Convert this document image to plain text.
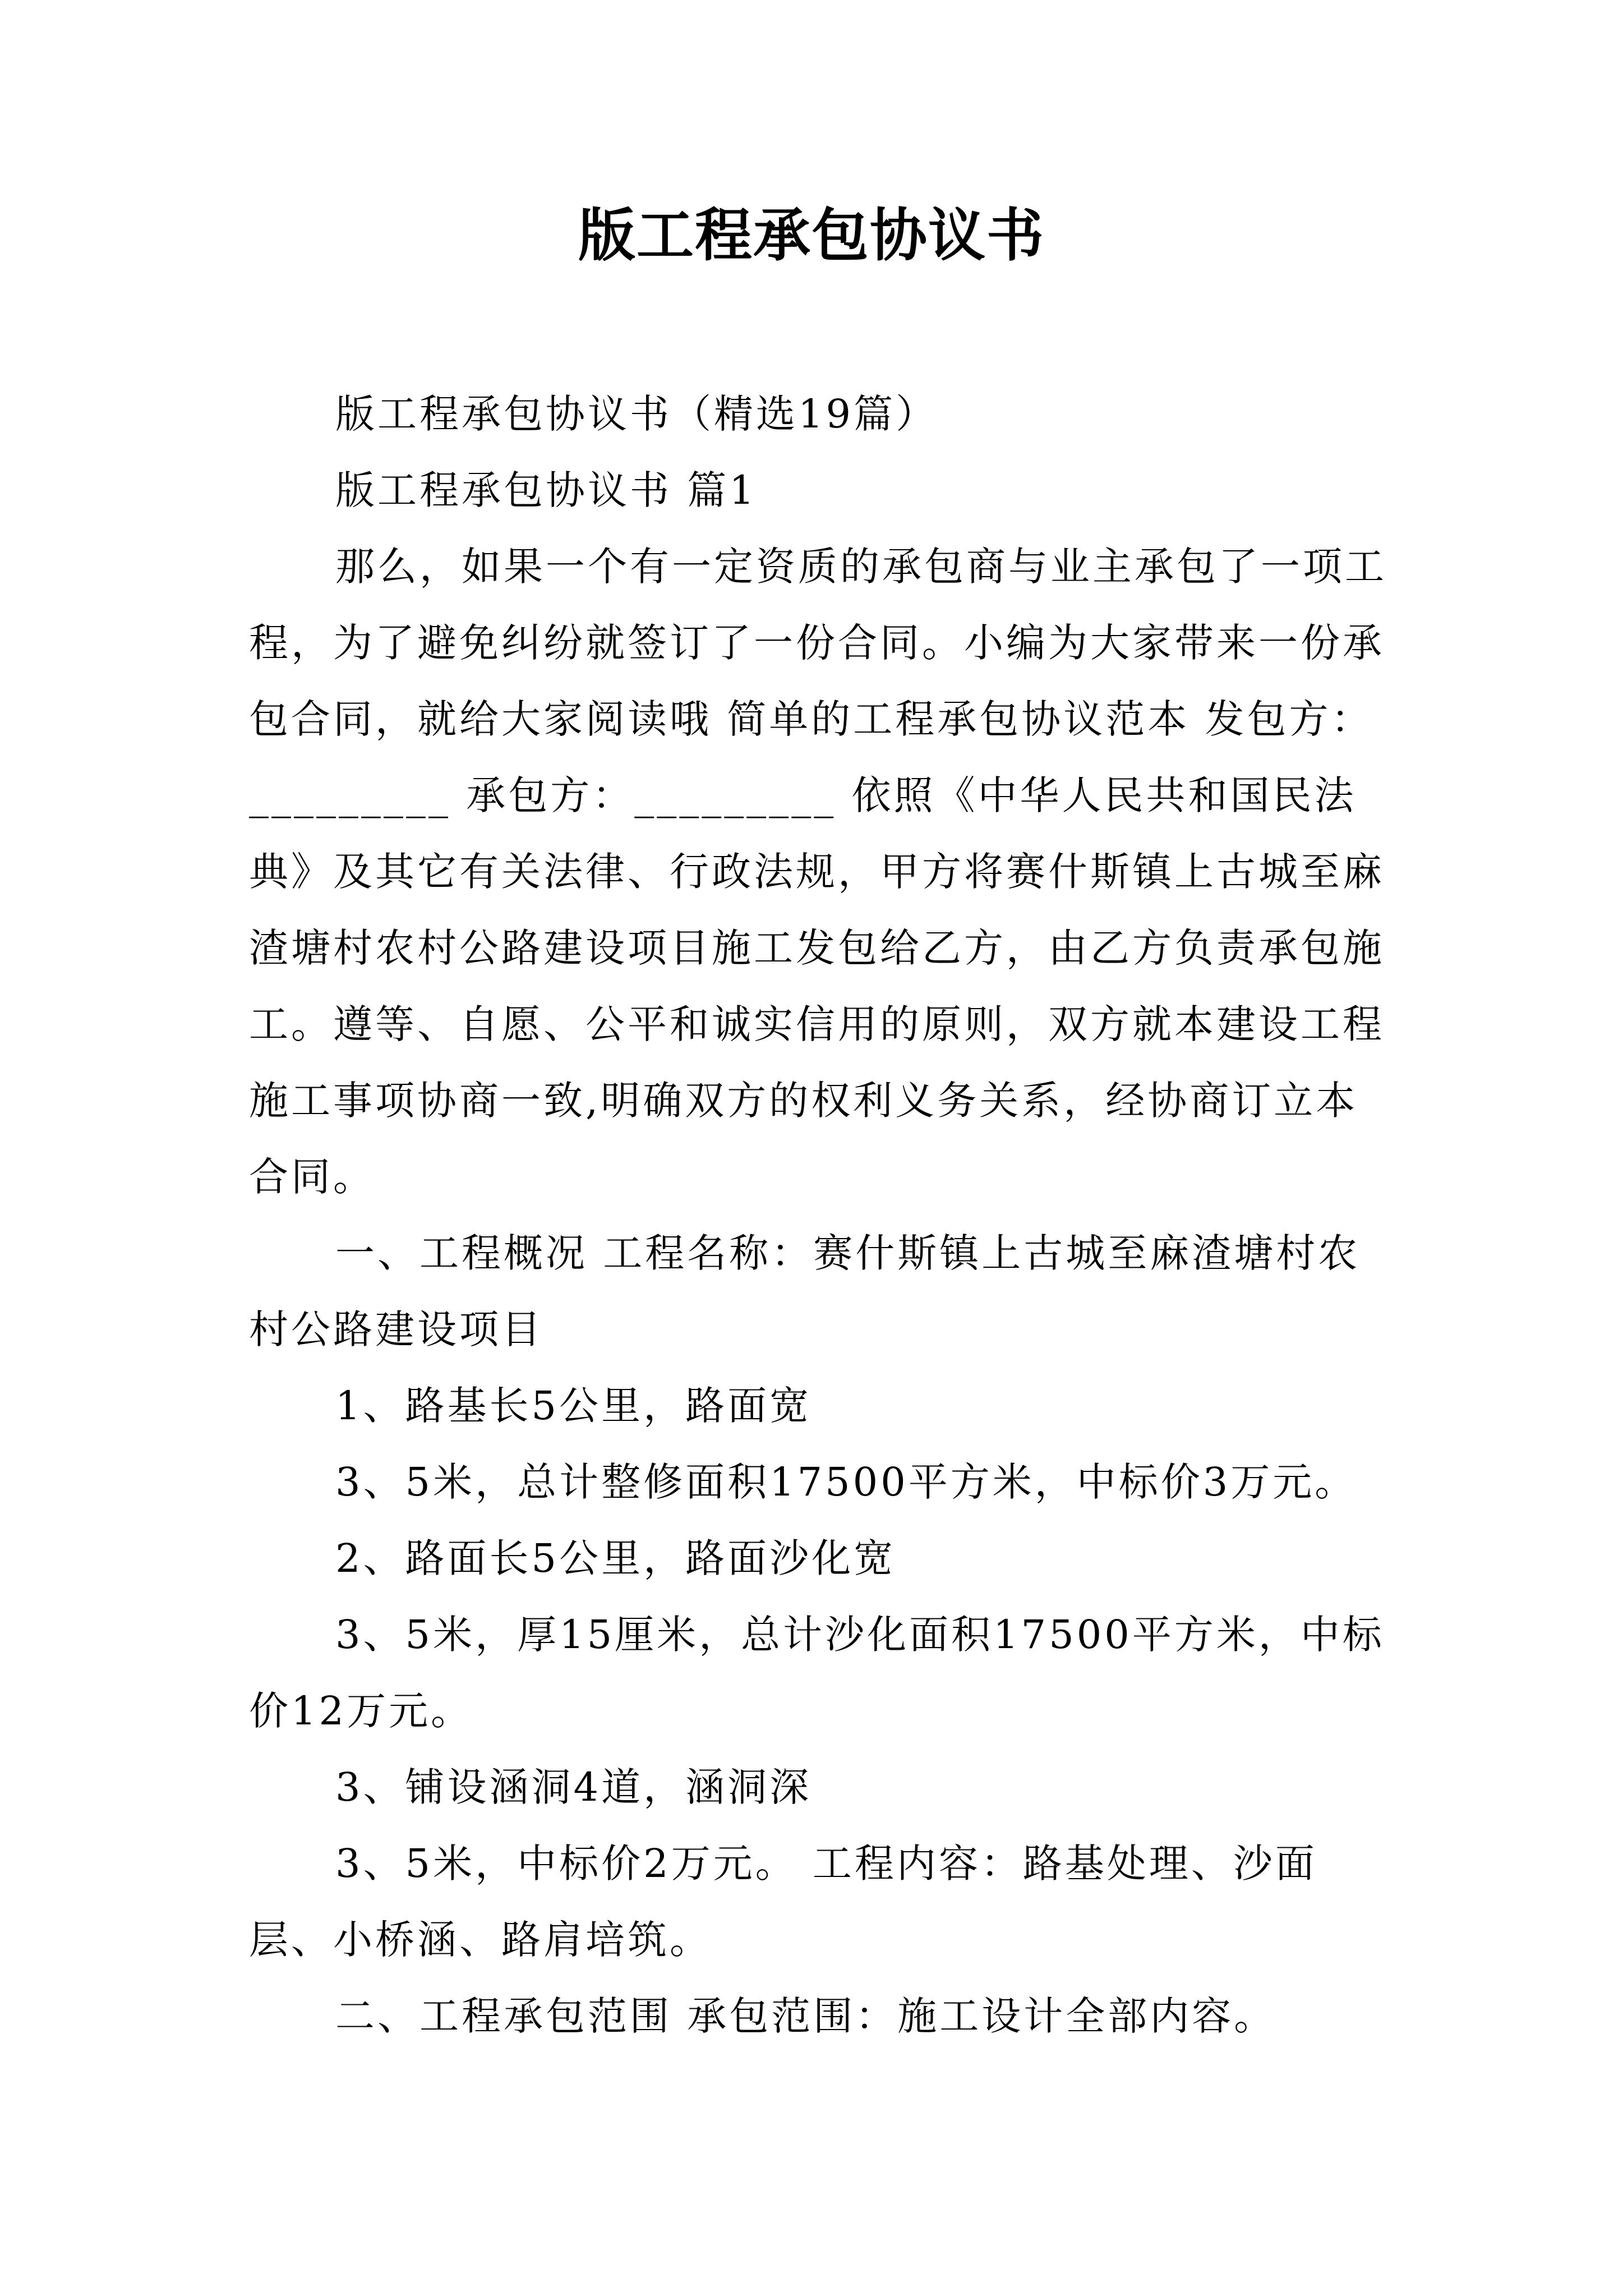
版工程承包协议书

版工程承包协议书（精选19篇）

版工程承包协议书 篇1

那么，如果一个有一定资质的承包商与业主承包了一项工程，为了避免纠纷就签订了一份合同。小编为大家带来一份承包合同，就给大家阅读哦 简单的工程承包协议范本 发包方：_________ 承包方：_________ 依照《中华人民共和国民法典》及其它有关法律、行政法规，甲方将赛什斯镇上古城至麻渣塘村农村公路建设项目施工发包给乙方，由乙方负责承包施工。遵等、自愿、公平和诚实信用的原则，双方就本建设工程施工事项协商一致,明确双方的权利义务关系，经协商订立本合同。

一、工程概况 工程名称：赛什斯镇上古城至麻渣塘村农村公路建设项目

1、路基长5公里，路面宽

3、5米，总计整修面积17500平方米，中标价3万元。

2、路面长5公里，路面沙化宽

3、5米，厚15厘米，总计沙化面积17500平方米，中标价12万元。

3、铺设涵洞4道，涵洞深

3、5米，中标价2万元。 工程内容：路基处理、沙面层、小桥涵、路肩培筑。

二、工程承包范围 承包范围：施工设计全部内容。
